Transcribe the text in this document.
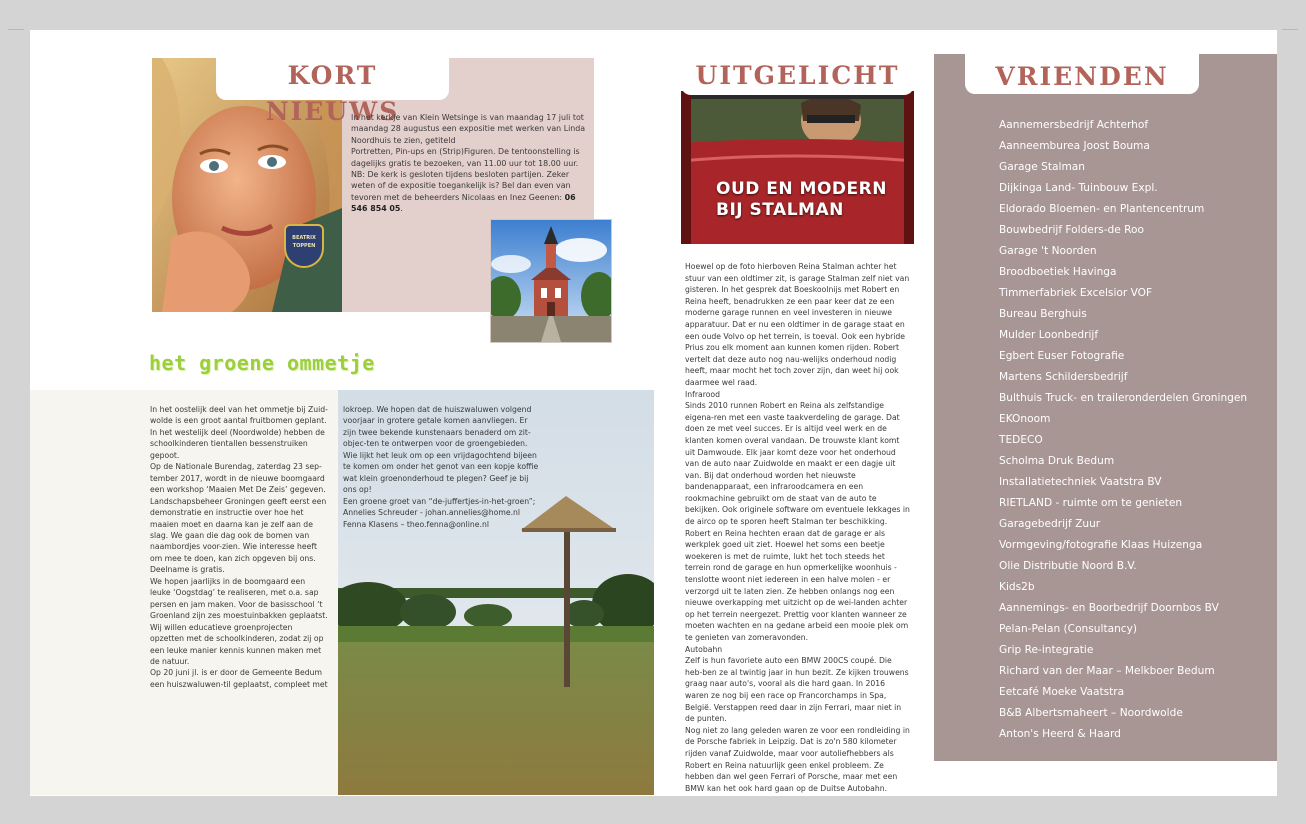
BEATRIX
TOPPEN
KORT NIEUWS

In het kerkje van Klein Wetsinge is van maandag 17 juli tot maandag 28 augustus een expositie met werken van Linda Noordhuis te zien, getiteld

Portretten, Pin-ups en (Strip)Figuren. De tentoonstelling is dagelijks gratis te bezoeken, van 11.00 uur tot 18.00 uur.

NB: De kerk is gesloten tijdens besloten partijen. Zeker weten of de expositie toegankelijk is? Bel dan even van tevoren met de beheerders Nicolaas en Inez Geenen: 06 546 854 05.

het groene ommetje

In het oostelijk deel van het ommetje bij Zuid-wolde is een groot aantal fruitbomen geplant. In het westelijk deel (Noordwolde) hebben de schoolkinderen tientallen bessenstruiken gepoot.

Op de Nationale Burendag, zaterdag 23 sep-tember 2017, wordt in de nieuwe boomgaard een workshop ‘Maaien Met De Zeis’ gegeven. Landschapsbeheer Groningen geeft eerst een demonstratie en instructie over hoe het maaien moet en daarna kan je zelf aan de slag. We gaan die dag ook de bomen van naambordjes voor-zien. Wie interesse heeft om mee te doen, kan zich opgeven bij ons. Deelname is gratis.

We hopen jaarlijks in de boomgaard een leuke ‘Oogstdag’ te realiseren, met o.a. sap persen en jam maken. Voor de basisschool ‘t Groenland zijn zes moestuinbakken geplaatst. Wij willen educatieve groenprojecten opzetten met de schoolkinderen, zodat zij op een leuke manier kennis kunnen maken met de natuur.

Op 20 juni jl. is er door de Gemeente Bedum een huiszwaluwen-til geplaatst, compleet met

lokroep. We hopen dat de huiszwaluwen volgend voorjaar in grotere getale komen aanvliegen. Er zijn twee bekende kunstenaars benaderd om zit-objec-ten te ontwerpen voor de groengebieden.

Wie lijkt het leuk om op een vrijdagochtend bijeen te komen om onder het genot van een kopje koffie wat klein groenonderhoud te plegen? Geef je bij ons op!

Een groene groet van “de-juffertjes-in-het-groen”;

Annelies Schreuder - johan.annelies@home.nl

Fenna Klasens – theo.fenna@online.nl

OUD EN MODERN
BIJ STALMAN
UITGELICHT

Hoewel op de foto hierboven Reina Stalman achter het stuur van een oldtimer zit, is garage Stalman zelf niet van gisteren. In het gesprek dat Boeskoolnijs met Robert en Reina heeft, benadrukken ze een paar keer dat ze een moderne garage runnen en veel investeren in nieuwe apparatuur. Dat er nu een oldtimer in de garage staat en een oude Volvo op het terrein, is toeval. Ook een hybride Prius zou elk moment aan kunnen komen rijden. Robert vertelt dat deze auto nog nau-welijks onderhoud nodig heeft, maar mocht het toch zover zijn, dan weet hij ook daarmee wel raad.

Infrarood

Sinds 2010 runnen Robert en Reina als zelfstandige eigena-ren met een vaste taakverdeling de garage. Dat doen ze met veel succes. Er is altijd veel werk en de klanten komen overal vandaan. De trouwste klant komt uit Damwoude. Elk jaar komt deze voor het onderhoud van de auto naar Zuidwolde en maakt er een dagje uit van. Bij dat onderhoud worden het nieuwste bandenapparaat, een infraroodcamera en een rookmachine gebruikt om de staat van de auto te bekijken. Ook originele software om eventuele lekkages in de airco op te sporen heeft Stalman ter beschikking.

Robert en Reina hechten eraan dat de garage er als werkplek goed uit ziet. Hoewel het soms een beetje woekeren is met de ruimte, lukt het toch steeds het terrein rond de garage en hun opmerkelijke woonhuis - tenslotte woont niet iedereen in een halve molen - er verzorgd uit te laten zien. Ze hebben onlangs nog een nieuwe overkapping met uitzicht op de wei-landen achter op het terrein neergezet. Prettig voor klanten wanneer ze moeten wachten en na gedane arbeid een mooie plek om te genieten van zomeravonden.

Autobahn

Zelf is hun favoriete auto een BMW 200CS coupé. Die heb-ben ze al twintig jaar in hun bezit. Ze kijken trouwens graag naar auto's, vooral als die hard gaan. In 2016 waren ze nog bij een race op Francorchamps in Spa, België. Verstappen reed daar in zijn Ferrari, maar niet in de punten.

Nog niet zo lang geleden waren ze voor een rondleiding in de Porsche fabriek in Leipzig. Dat is zo'n 580 kilometer rijden vanaf Zuidwolde, maar voor autoliefhebbers als Robert en Reina natuurlijk geen enkel probleem. Ze hebben dan wel geen Ferrari of Porsche, maar met een BMW kan het ook hard gaan op de Duitse Autobahn.

VRIENDEN
Aannemersbedrijf Achterhof
Aanneemburea Joost Bouma
Garage Stalman
Dijkinga Land- Tuinbouw Expl.
Eldorado Bloemen- en Plantencentrum
Bouwbedrijf Folders-de Roo
Garage 't Noorden
Broodboetiek Havinga
Timmerfabriek Excelsior VOF
Bureau Berghuis
Mulder Loonbedrijf
Egbert Euser Fotografie
Martens Schildersbedrijf
Bulthuis Truck- en traileronderdelen Groningen
EKOnoom
TEDECO
Scholma Druk Bedum
Installatietechniek Vaatstra BV
RIETLAND - ruimte om te genieten
Garagebedrijf Zuur
Vormgeving/fotografie Klaas Huizenga
Olie Distributie Noord B.V.
Kids2b
Aannemings- en Boorbedrijf Doornbos BV
Pelan-Pelan (Consultancy)
Grip Re-integratie
Richard van der Maar – Melkboer Bedum
Eetcafé Moeke Vaatstra
B&B Albertsmaheert – Noordwolde
Anton's Heerd & Haard
